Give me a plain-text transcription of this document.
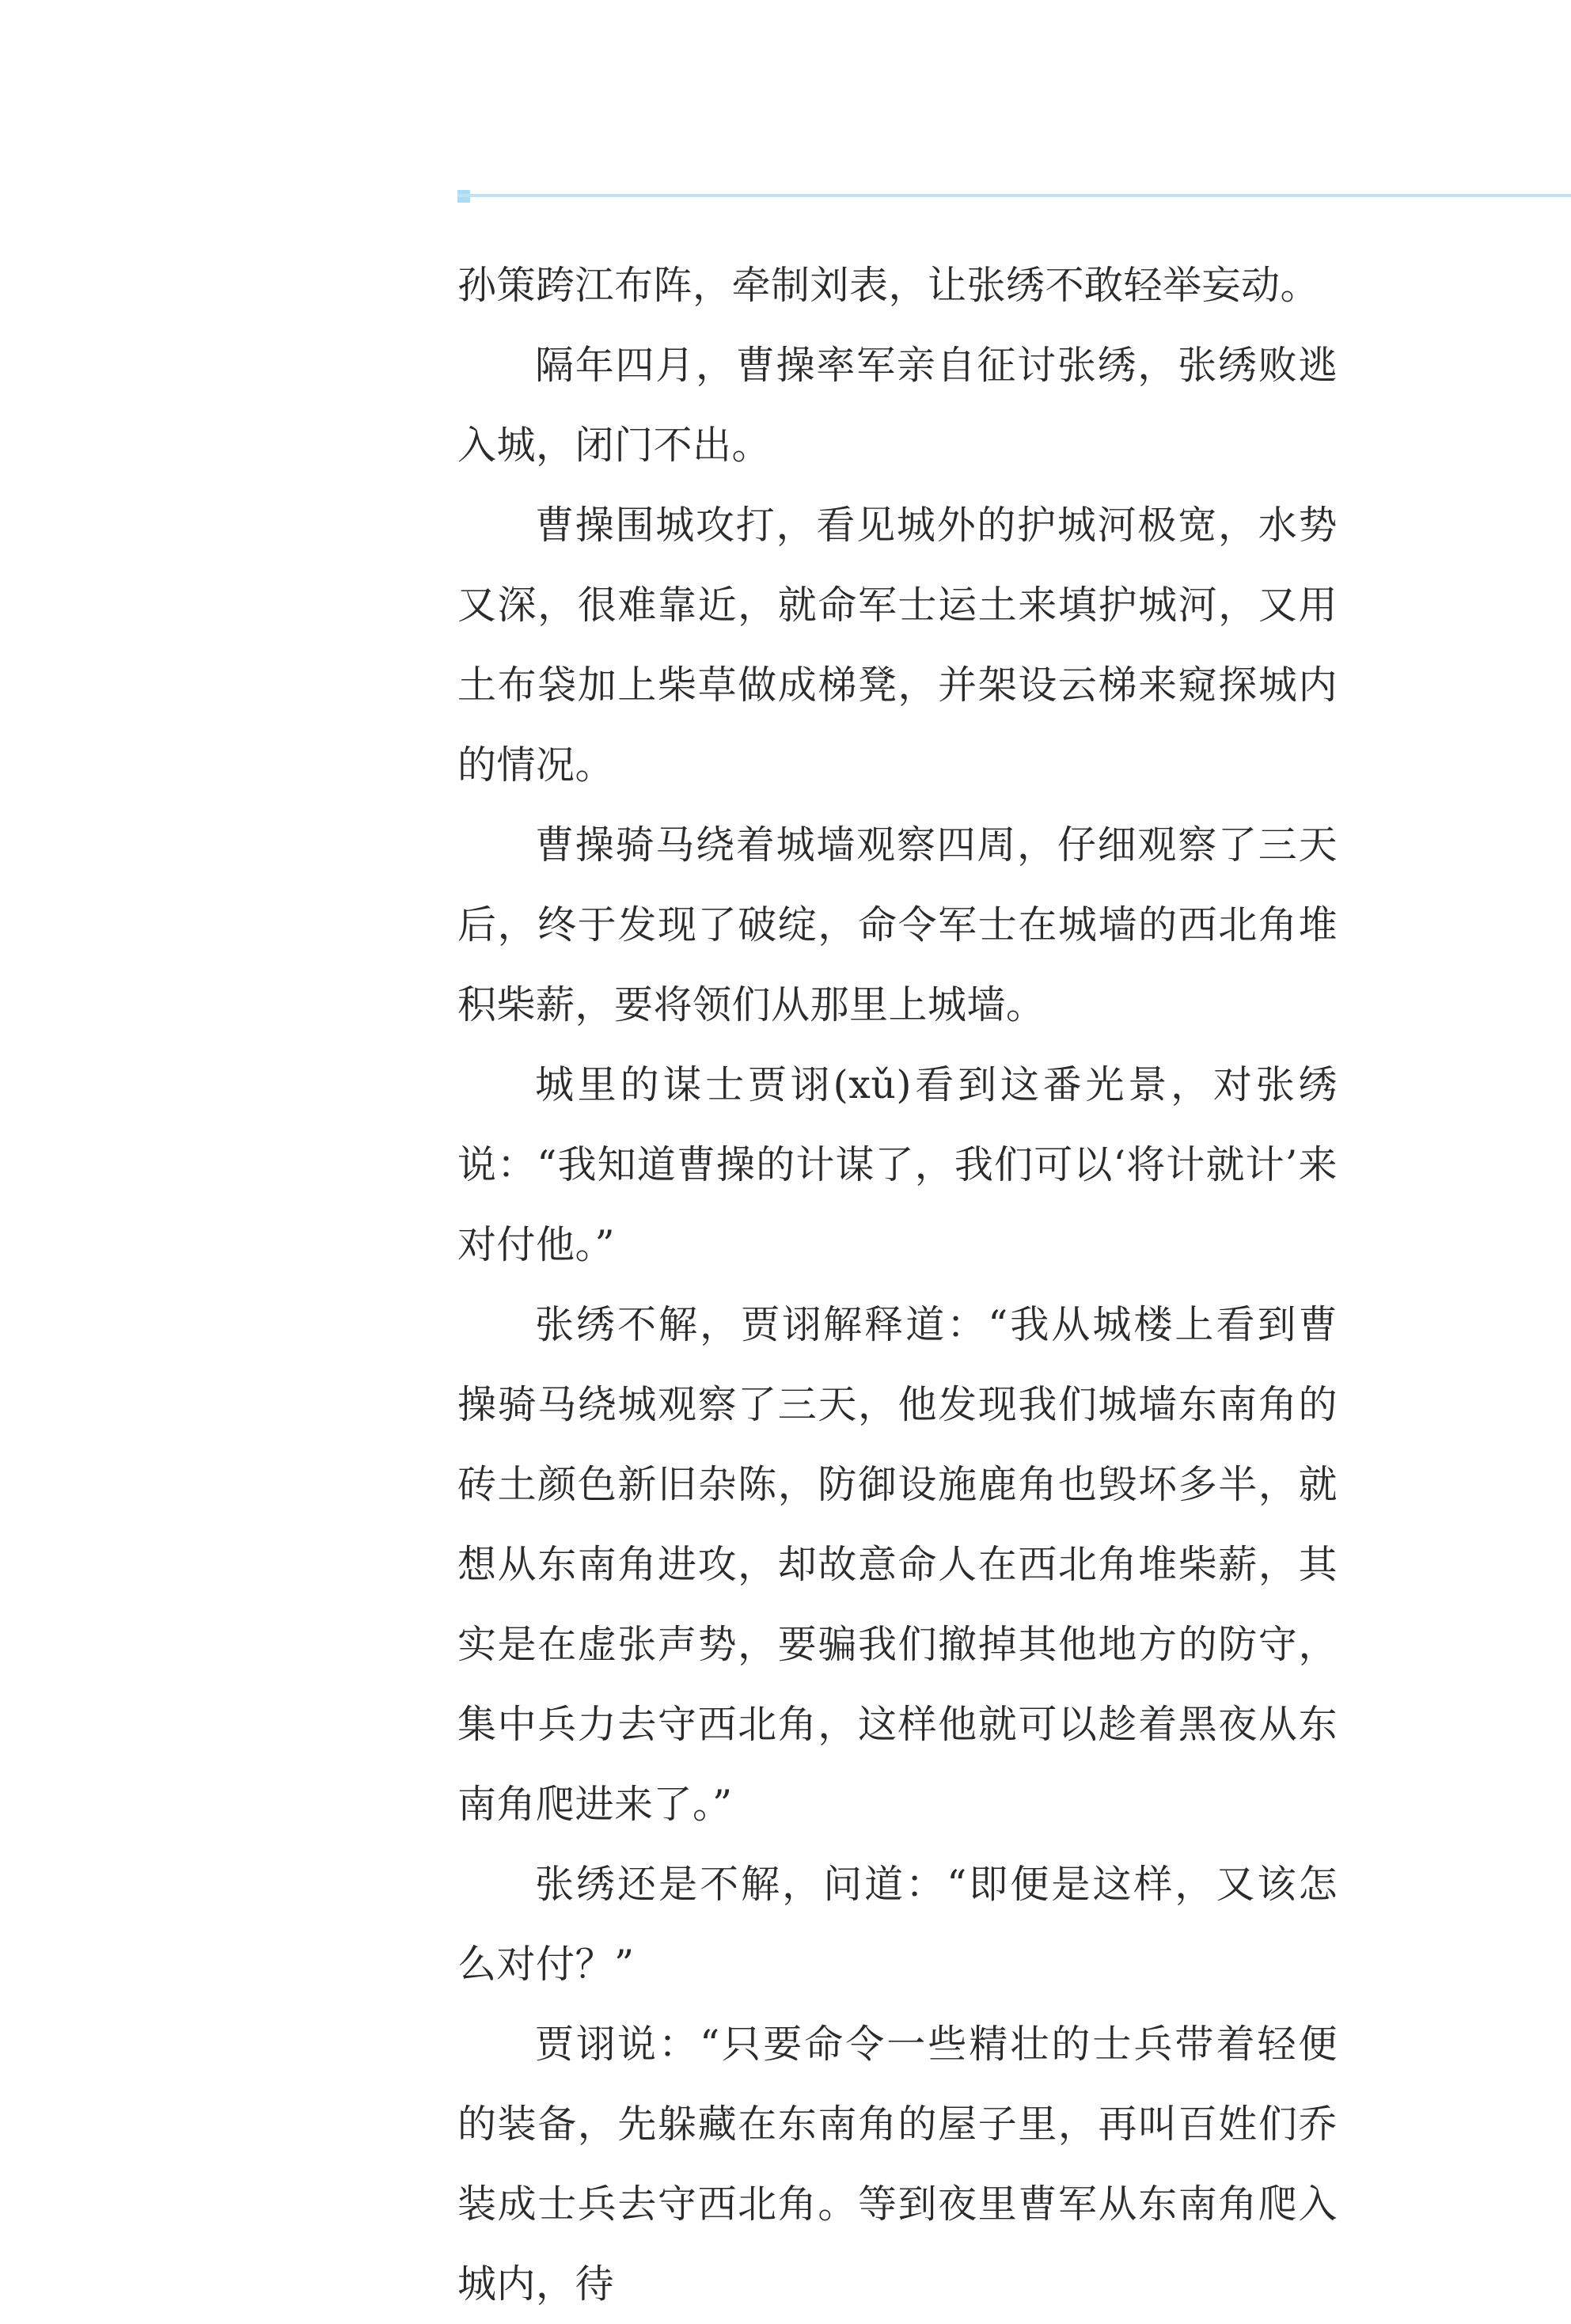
孙策跨江布阵，牵制刘表，让张绣不敢轻举妄动。

隔年四月，曹操率军亲自征讨张绣，张绣败逃入城，闭门不出。

曹操围城攻打，看见城外的护城河极宽，水势又深，很难靠近，就命军士运土来填护城河，又用土布袋加上柴草做成梯凳，并架设云梯来窥探城内的情况。

曹操骑马绕着城墙观察四周，仔细观察了三天后，终于发现了破绽，命令军士在城墙的西北角堆积柴薪，要将领们从那里上城墙。

城里的谋士贾诩(xǔ)看到这番光景，对张绣说：“我知道曹操的计谋了，我们可以‘将计就计’来对付他。”

张绣不解，贾诩解释道：“我从城楼上看到曹操骑马绕城观察了三天，他发现我们城墙东南角的砖土颜色新旧杂陈，防御设施鹿角也毁坏多半，就想从东南角进攻，却故意命人在西北角堆柴薪，其实是在虚张声势，要骗我们撤掉其他地方的防守，集中兵力去守西北角，这样他就可以趁着黑夜从东南角爬进来了。”

张绣还是不解，问道：“即便是这样，又该怎么对付？”

贾诩说：“只要命令一些精壮的士兵带着轻便的装备，先躲藏在东南角的屋子里，再叫百姓们乔装成士兵去守西北角。等到夜里曹军从东南角爬入城内，待
